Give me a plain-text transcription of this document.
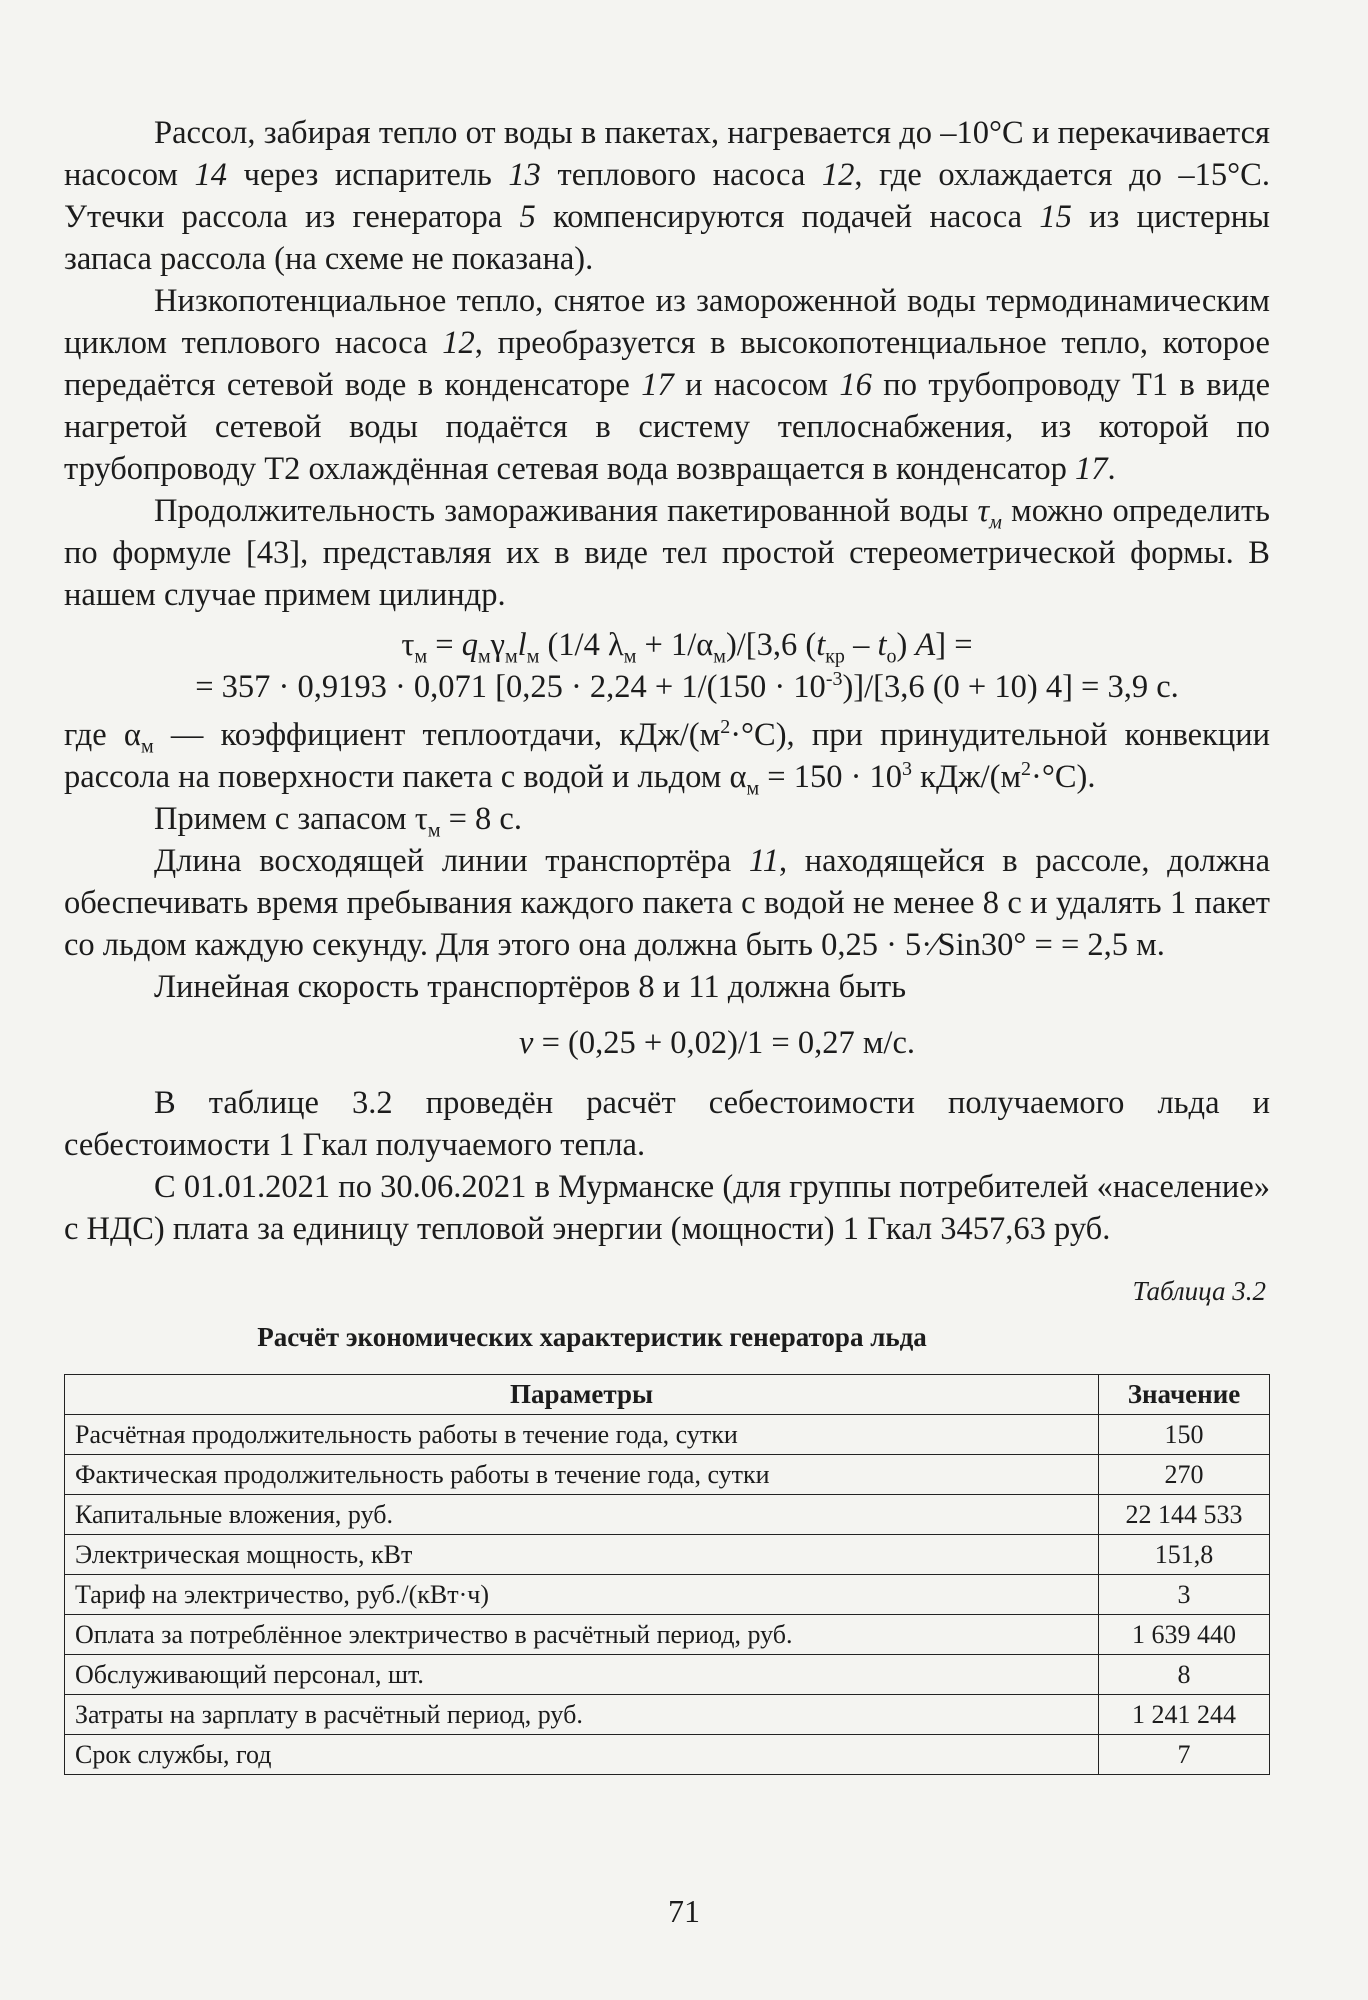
Рассол, забирая тепло от воды в пакетах, нагревается до –10°С и перекачивается насосом 14 через испаритель 13 теплового насоса 12, где охлаждается до –15°С. Утечки рассола из генератора 5 компенсируются подачей насоса 15 из цистерны запаса рассола (на схеме не показана).

Низкопотенциальное тепло, снятое из замороженной воды термодинамическим циклом теплового насоса 12, преобразуется в высокопотенциальное тепло, которое передаётся сетевой воде в конденсаторе 17 и насосом 16 по трубопроводу Т1 в виде нагретой сетевой воды подаётся в систему теплоснабжения, из которой по трубопроводу Т2 охлаждённая сетевая вода возвращается в конденсатор 17.

Продолжительность замораживания пакетированной воды $\tau_м$ можно определить по формуле [43], представляя их в виде тел простой стереометрической формы. В нашем случае примем цилиндр.

$\tau_м = q_м\gamma_мl_м$ (1/4 $\lambda_м + 1/\alpha_м)/[3,6$ $(t_{кр} - t_о) A$] =
= 357 · 0,9193 · 0,071 $[0,25 \cdot 2,24 + 1/(150 \cdot 10^{-3})]/[3,6$ (0 + 10) 4] = 3,9 с.

где $\alpha_м$ — коэффициент теплоотдачи, кДж/$(м^2\cdot^\circ С)$, при принудительной конвекции рассола на поверхности пакета с водой и льдом $\alpha_м = 150 \cdot 10^3$ кДж/$(м^2\cdot^\circ С)$.

Примем с запасом $\tau_м = 8$ с.

Длина восходящей линии транспортёра 11, находящейся в рассоле, должна обеспечивать время пребывания каждого пакета с водой не менее 8 с и удалять 1 пакет со льдом каждую секунду. Для этого она должна быть 0,25 · 5·⁄Sin30° = = 2,5 м.

Линейная скорость транспортёров 8 и 11 должна быть

v = (0,25 + 0,02)/1 = 0,27 м/с.

В таблице 3.2 проведён расчёт себестоимости получаемого льда и себестоимости 1 Гкал получаемого тепла.

С 01.01.2021 по 30.06.2021 в Мурманске (для группы потребителей «население» с НДС) плата за единицу тепловой энергии (мощности) 1 Гкал 3457,63 руб.

Таблица 3.2
Расчёт экономических характеристик генератора льда
Параметры	Значение
Расчётная продолжительность работы в течение года, сутки	150
Фактическая продолжительность работы в течение года, сутки	270
Капитальные вложения, руб.	22 144 533
Электрическая мощность, кВт	151,8
Тариф на электричество, руб./(кВт·ч)	3
Оплата за потреблённое электричество в расчётный период, руб.	1 639 440
Обслуживающий персонал, шт.	8
Затраты на зарплату в расчётный период, руб.	1 241 244
Срок службы, год	7
71
